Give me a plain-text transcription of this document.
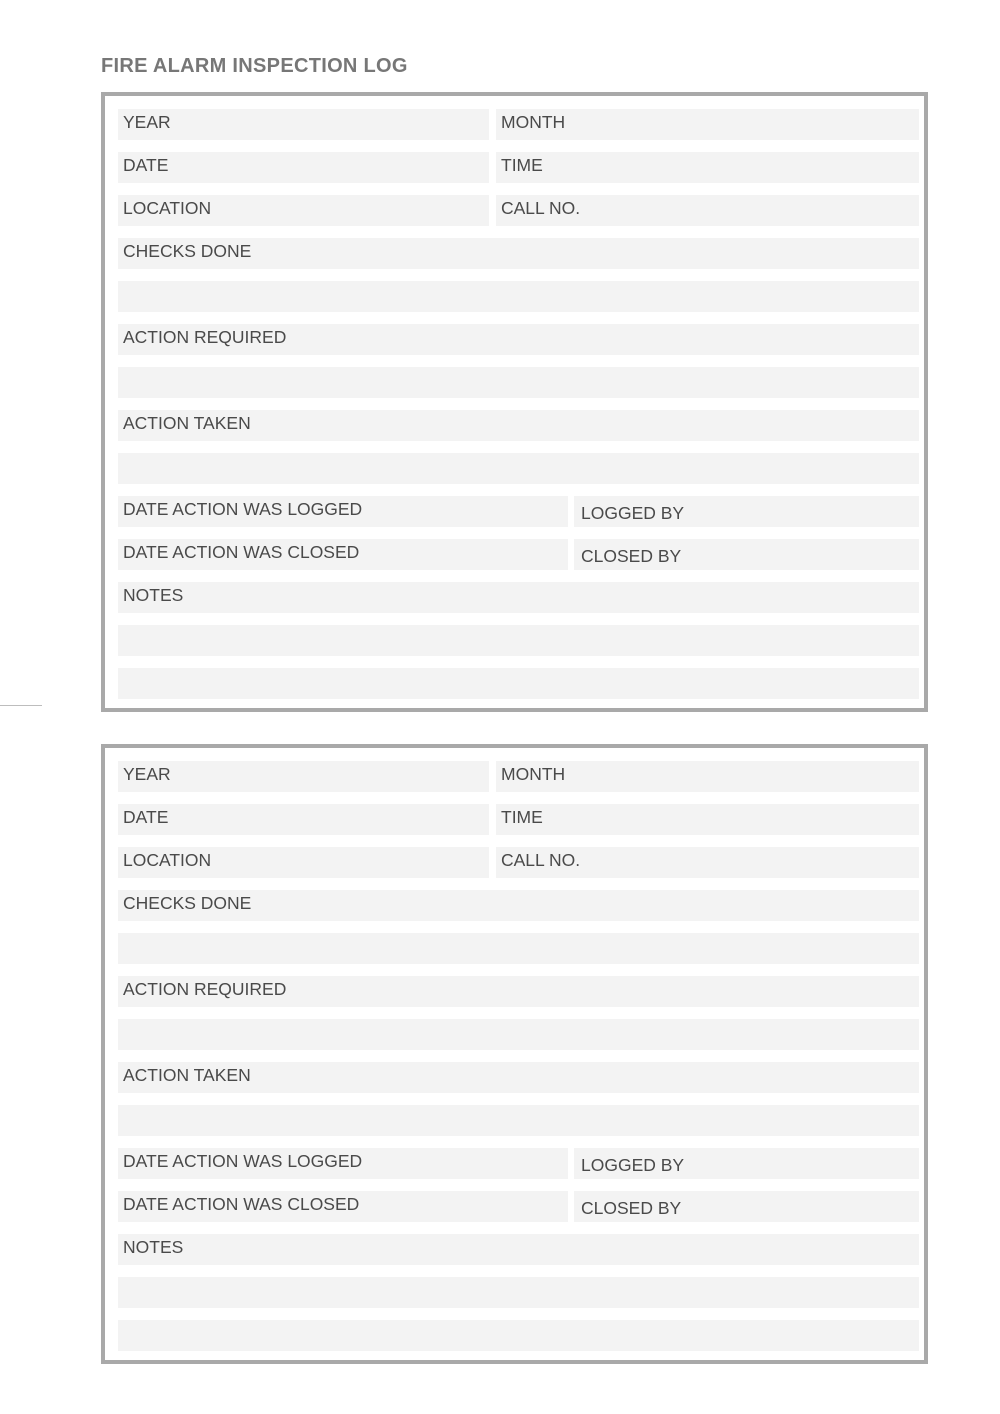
FIRE ALARM INSPECTION LOG
YEAR	MONTH
DATE	TIME
LOCATION	CALL NO.
CHECKS DONE
ACTION REQUIRED
ACTION TAKEN
DATE ACTION WAS LOGGED	LOGGED BY
DATE ACTION WAS CLOSED	CLOSED BY
NOTES
YEAR	MONTH
DATE	TIME
LOCATION	CALL NO.
CHECKS DONE
ACTION REQUIRED
ACTION TAKEN
DATE ACTION WAS LOGGED	LOGGED BY
DATE ACTION WAS CLOSED	CLOSED BY
NOTES
